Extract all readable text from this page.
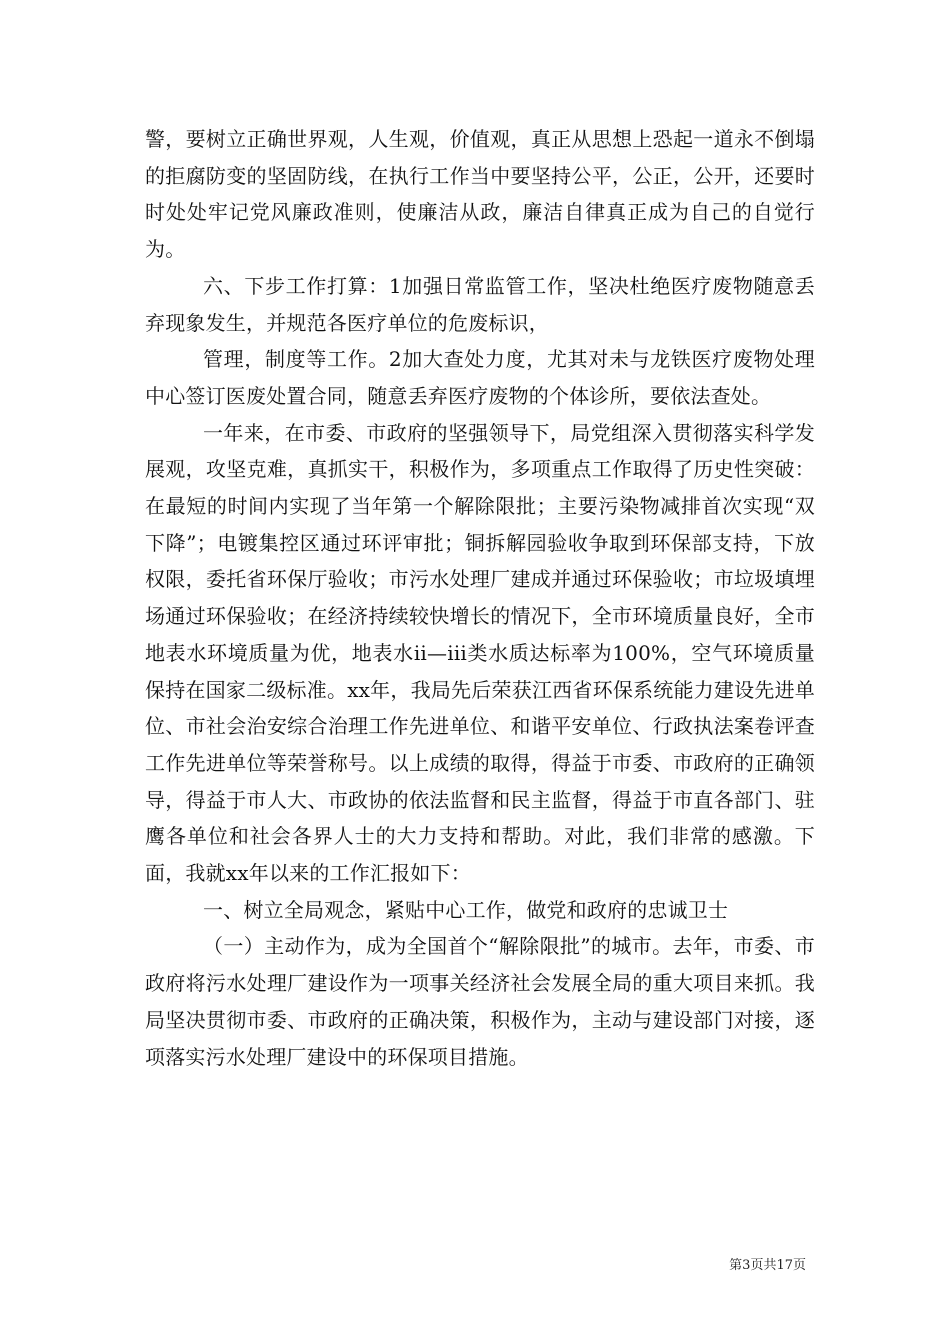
警，要树立正确世界观，人生观，价值观，真正从思想上恐起一道永不倒塌的拒腐防变的坚固防线，在执行工作当中要坚持公平，公正，公开，还要时时处处牢记党风廉政准则，使廉洁从政，廉洁自律真正成为自己的自觉行为。

六、下步工作打算：1加强日常监管工作，坚决杜绝医疗废物随意丢弃现象发生，并规范各医疗单位的危废标识，

管理，制度等工作。2加大查处力度，尤其对未与龙铁医疗废物处理中心签订医废处置合同，随意丢弃医疗废物的个体诊所，要依法查处。

一年来，在市委、市政府的坚强领导下，局党组深入贯彻落实科学发展观，攻坚克难，真抓实干，积极作为，多项重点工作取得了历史性突破：在最短的时间内实现了当年第一个解除限批；主要污染物减排首次实现“双下降”；电镀集控区通过环评审批；铜拆解园验收争取到环保部支持，下放权限，委托省环保厅验收；市污水处理厂建成并通过环保验收；市垃圾填埋场通过环保验收；在经济持续较快增长的情况下，全市环境质量良好，全市地表水环境质量为优，地表水ii—iii类水质达标率为100%，空气环境质量保持在国家二级标准。xx年，我局先后荣获江西省环保系统能力建设先进单位、市社会治安综合治理工作先进单位、和谐平安单位、行政执法案卷评查工作先进单位等荣誉称号。以上成绩的取得，得益于市委、市政府的正确领导，得益于市人大、市政协的依法监督和民主监督，得益于市直各部门、驻鹰各单位和社会各界人士的大力支持和帮助。对此，我们非常的感激。下面，我就xx年以来的工作汇报如下：

一、树立全局观念，紧贴中心工作，做党和政府的忠诚卫士

（一）主动作为，成为全国首个“解除限批”的城市。去年，市委、市政府将污水处理厂建设作为一项事关经济社会发展全局的重大项目来抓。我局坚决贯彻市委、市政府的正确决策，积极作为，主动与建设部门对接，逐项落实污水处理厂建设中的环保项目措施。

第3页共17页
